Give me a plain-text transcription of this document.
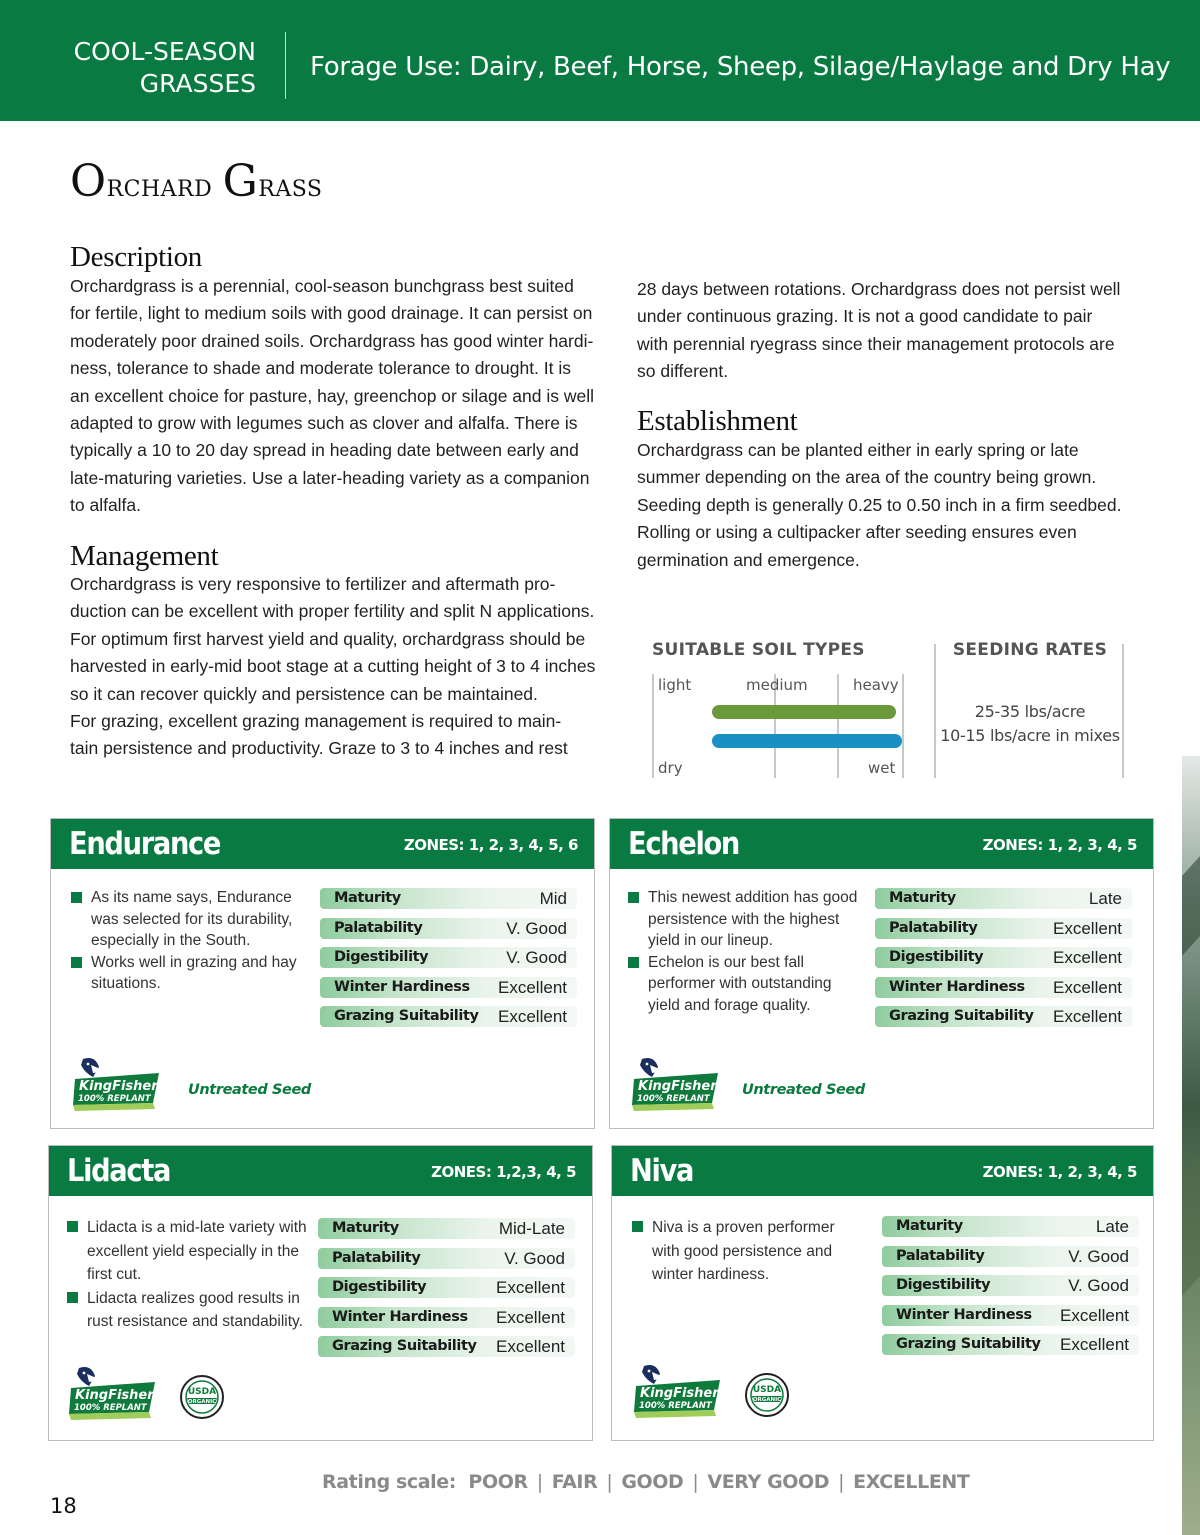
COOL-SEASON
GRASSES
Forage Use: Dairy, Beef, Horse, Sheep, Silage/Haylage and Dry Hay
Orchard Grass
Description

Orchardgrass is a perennial, cool-season bunchgrass best suited
for fertile, light to medium soils with good drainage. It can persist on
moderately poor drained soils. Orchardgrass has good winter hardi-
ness, tolerance to shade and moderate tolerance to drought. It is
an excellent choice for pasture, hay, greenchop or silage and is well
adapted to grow with legumes such as clover and alfalfa. There is
typically a 10 to 20 day spread in heading date between early and
late-maturing varieties. Use a later-heading variety as a companion
to alfalfa.

Management

Orchardgrass is very responsive to fertilizer and aftermath pro-
duction can be excellent with proper fertility and split N applications.
For optimum first harvest yield and quality, orchardgrass should be
harvested in early-mid boot stage at a cutting height of 3 to 4 inches
so it can recover quickly and persistence can be maintained.
For grazing, excellent grazing management is required to main-
tain persistence and productivity. Graze to 3 to 4 inches and rest

28 days between rotations. Orchardgrass does not persist well
under continuous grazing. It is not a good candidate to pair
with perennial ryegrass since their management protocols are
so different.

Establishment

Orchardgrass can be planted either in early spring or late
summer depending on the area of the country being grown.
Seeding depth is generally 0.25 to 0.50 inch in a firm seedbed.
Rolling or using a cultipacker after seeding ensures even
germination and emergence.

SUITABLE SOIL TYPES
light	medium	heavy
dry	wet
SEEDING RATES
25-35 lbs/acre
10-15 lbs/acre in mixes
Endurance	ZONES: 1, 2, 3, 4, 5, 6
As its name says, Endurance was selected for its durability, especially in the South.
Works well in grazing and hay situations.
Maturity	Mid
Palatability	V. Good
Digestibility	V. Good
Winter Hardiness Excellent
Grazing Suitability Excellent
Untreated Seed
Echelon	ZONES: 1, 2, 3, 4, 5
This newest addition has good persistence with the highest yield in our lineup.
Echelon is our best fall performer with outstanding yield and forage quality.
Maturity	Late
Palatability	Excellent
Digestibility	Excellent
Winter Hardiness Excellent
Grazing Suitability Excellent
Untreated Seed
Lidacta	ZONES: 1,2,3, 4, 5
Lidacta is a mid-late variety with excellent yield especially in the first cut.
Lidacta realizes good results in rust resistance and standability.
Maturity	Mid-Late
Palatability	V. Good
Digestibility	Excellent
Winter Hardiness Excellent
Grazing Suitability Excellent
Niva	ZONES: 1, 2, 3, 4, 5
Niva is a proven performer with good persistence and winter hardiness.
Maturity	Late
Palatability	V. Good
Digestibility	V. Good
Winter Hardiness Excellent
Grazing Suitability Excellent
Rating scale: POOR | FAIR | GOOD | VERY GOOD | EXCELLENT
18
